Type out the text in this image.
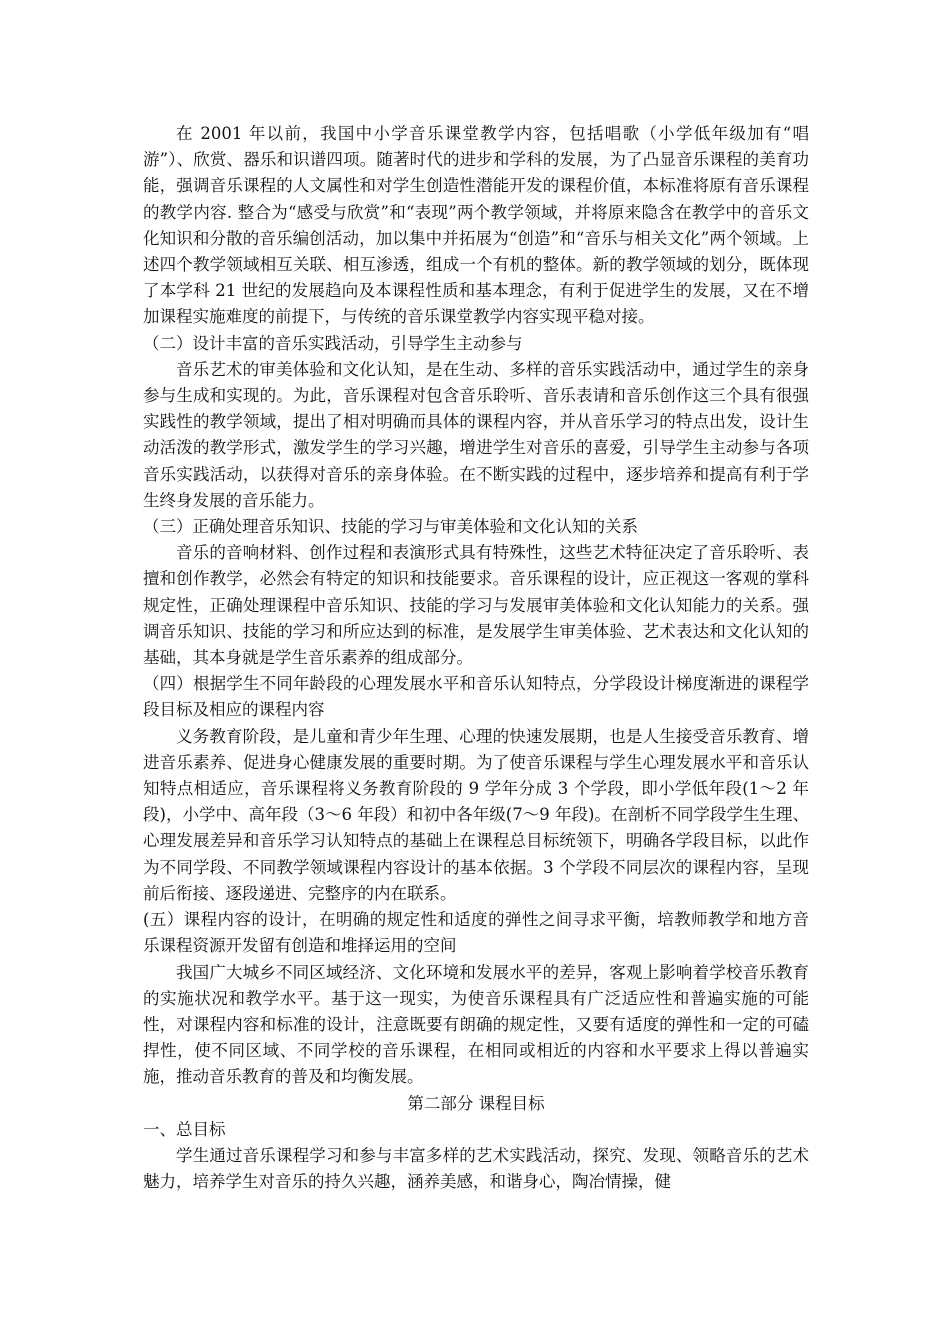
在 2001 年以前，我国中小学音乐课堂教学内容，包括唱歌（小学低年级加有“唱游”）、欣赏、器乐和识谱四项。随著时代的进步和学科的发展，为了凸显音乐课程的美育功能，强调音乐课程的人文属性和对学生创造性潜能开发的课程价值，本标准将原有音乐课程的教学内容. 整合为“感受与欣赏”和“表现”两个教学领域，并将原来隐含在教学中的音乐文化知识和分散的音乐编创活动，加以集中并拓展为“创造”和“音乐与相关文化”两个领域。上述四个教学领域相互关联、相互渗透，组成一个有机的整体。新的教学领域的划分，既体现了本学科 21 世纪的发展趋向及本课程性质和基本理念，有利于促进学生的发展，又在不增加课程实施难度的前提下，与传统的音乐课堂教学内容实现平稳对接。

（二）设计丰富的音乐实践活动，引导学生主动参与

音乐艺术的审美体验和文化认知，是在生动、多样的音乐实践活动中，通过学生的亲身参与生成和实现的。为此，音乐课程对包含音乐聆听、音乐表请和音乐创作这三个具有很强实践性的教学领域，提出了相对明确而具体的课程内容，并从音乐学习的特点出发，设计生动活泼的教学形式，激发学生的学习兴趣，增进学生对音乐的喜爱，引导学生主动参与各项音乐实践活动，以获得对音乐的亲身体验。在不断实践的过程中，逐步培养和提高有利于学生终身发展的音乐能力。

（三）正确处理音乐知识、技能的学习与审美体验和文化认知的关系

音乐的音响材料、创作过程和表演形式具有特殊性，这些艺术特征决定了音乐聆听、表擅和创作教学，必然会有特定的知识和技能要求。音乐课程的设计，应正视这一客观的掌科规定性，正确处理课程中音乐知识、技能的学习与发展审美体验和文化认知能力的关系。强调音乐知识、技能的学习和所应达到的标准，是发展学生审美体验、艺术表达和文化认知的基础，其本身就是学生音乐素养的组成部分。

（四）根据学生不同年龄段的心理发展水平和音乐认知特点，分学段设计梯度渐进的课程学段目标及相应的课程内容

义务教育阶段，是儿童和青少年生理、心理的快速发展期，也是人生接受音乐教育、增进音乐素养、促进身心健康发展的重要时期。为了使音乐课程与学生心理发展水平和音乐认知特点相适应，音乐课程将义务教育阶段的 9 学年分成 3 个学段，即小学低年段(1～2 年段)，小学中、高年段（3～6 年段）和初中各年级(7～9 年段)。在剖析不同学段学生生理、心理发展差异和音乐学习认知特点的基础上在课程总目标统领下，明确各学段目标，以此作为不同学段、不同教学领域课程内容设计的基本依据。3 个学段不同层次的课程内容，呈现前后衔接、逐段递进、完整序的内在联系。

(五）课程内容的设计，在明确的规定性和适度的弹性之间寻求平衡，培教师教学和地方音乐课程资源开发留有创造和堆择运用的空间

我国广大城乡不同区域经济、文化环境和发展水平的差异，客观上影响着学校音乐教育的实施状况和教学水平。基于这一现实，为使音乐课程具有广泛适应性和普遍实施的可能性，对课程内容和标准的设计，注意既要有朗确的规定性，又要有适度的弹性和一定的可磕捍性，使不同区域、不同学校的音乐课程，在相同或相近的内容和水平要求上得以普遍实施，推动音乐教育的普及和均衡发展。

第二部分 课程目标

一、总目标

学生通过音乐课程学习和参与丰富多样的艺术实践活动，探究、发现、领略音乐的艺术魅力，培养学生对音乐的持久兴趣，涵养美感，和谐身心，陶冶情操，健
